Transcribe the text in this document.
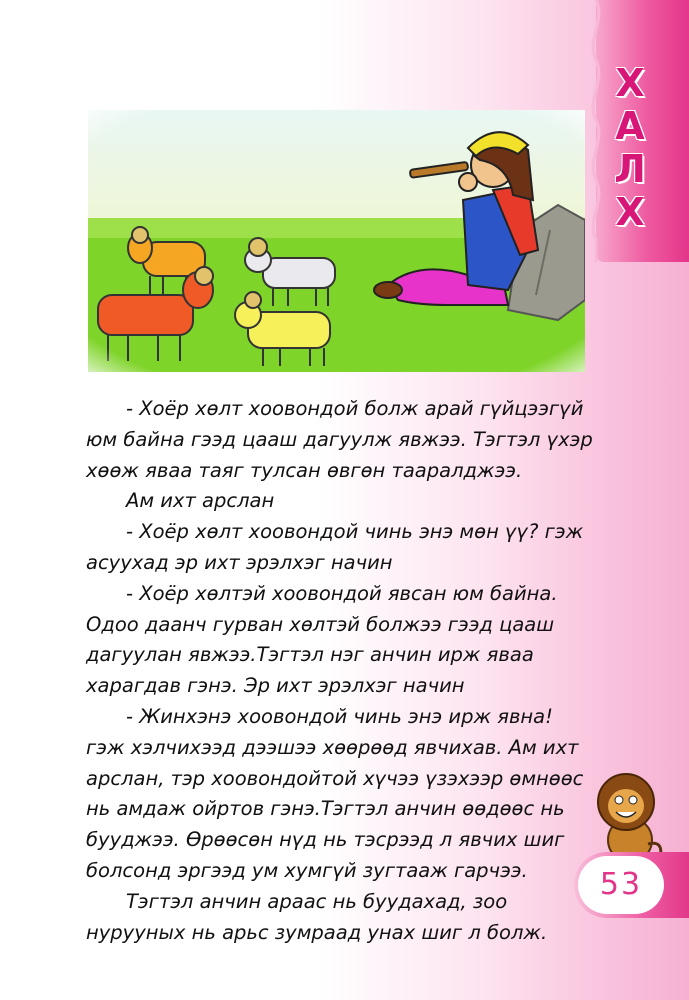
Х
А
Л
Х

- Хоёр хөлт хоовондой болж арай гүйцээгүй

юм байна гээд цааш дагуулж явжээ. Тэгтэл үхэр

хөөж яваа таяг тулсан өвгөн тааралджээ.

Ам ихт арслан

- Хоёр хөлт хоовондой чинь энэ мөн үү? гэж

асуухад эр ихт эрэлхэг начин

- Хоёр хөлтэй хоовондой явсан юм байна.

Одоо даанч гурван хөлтэй болжээ гээд цааш

дагуулан явжээ.Тэгтэл нэг анчин ирж яваа

харагдав гэнэ. Эр ихт эрэлхэг начин

- Жинхэнэ хоовондой чинь энэ ирж явна!

гэж хэлчихээд дээшээ хөөрөөд явчихав. Ам ихт

арслан, тэр хоовондойтой хүчээ үзэхээр өмнөөс

нь амдаж ойртов гэнэ.Тэгтэл анчин өөдөөс нь

бууджээ. Өрөөсөн нүд нь тэсрээд л явчих шиг

болсонд эргээд ум хумгүй зугтааж гарчээ.

Тэгтэл анчин араас нь буудахад, зоо

нурууных нь арьс зумраад унах шиг л болж.

53
